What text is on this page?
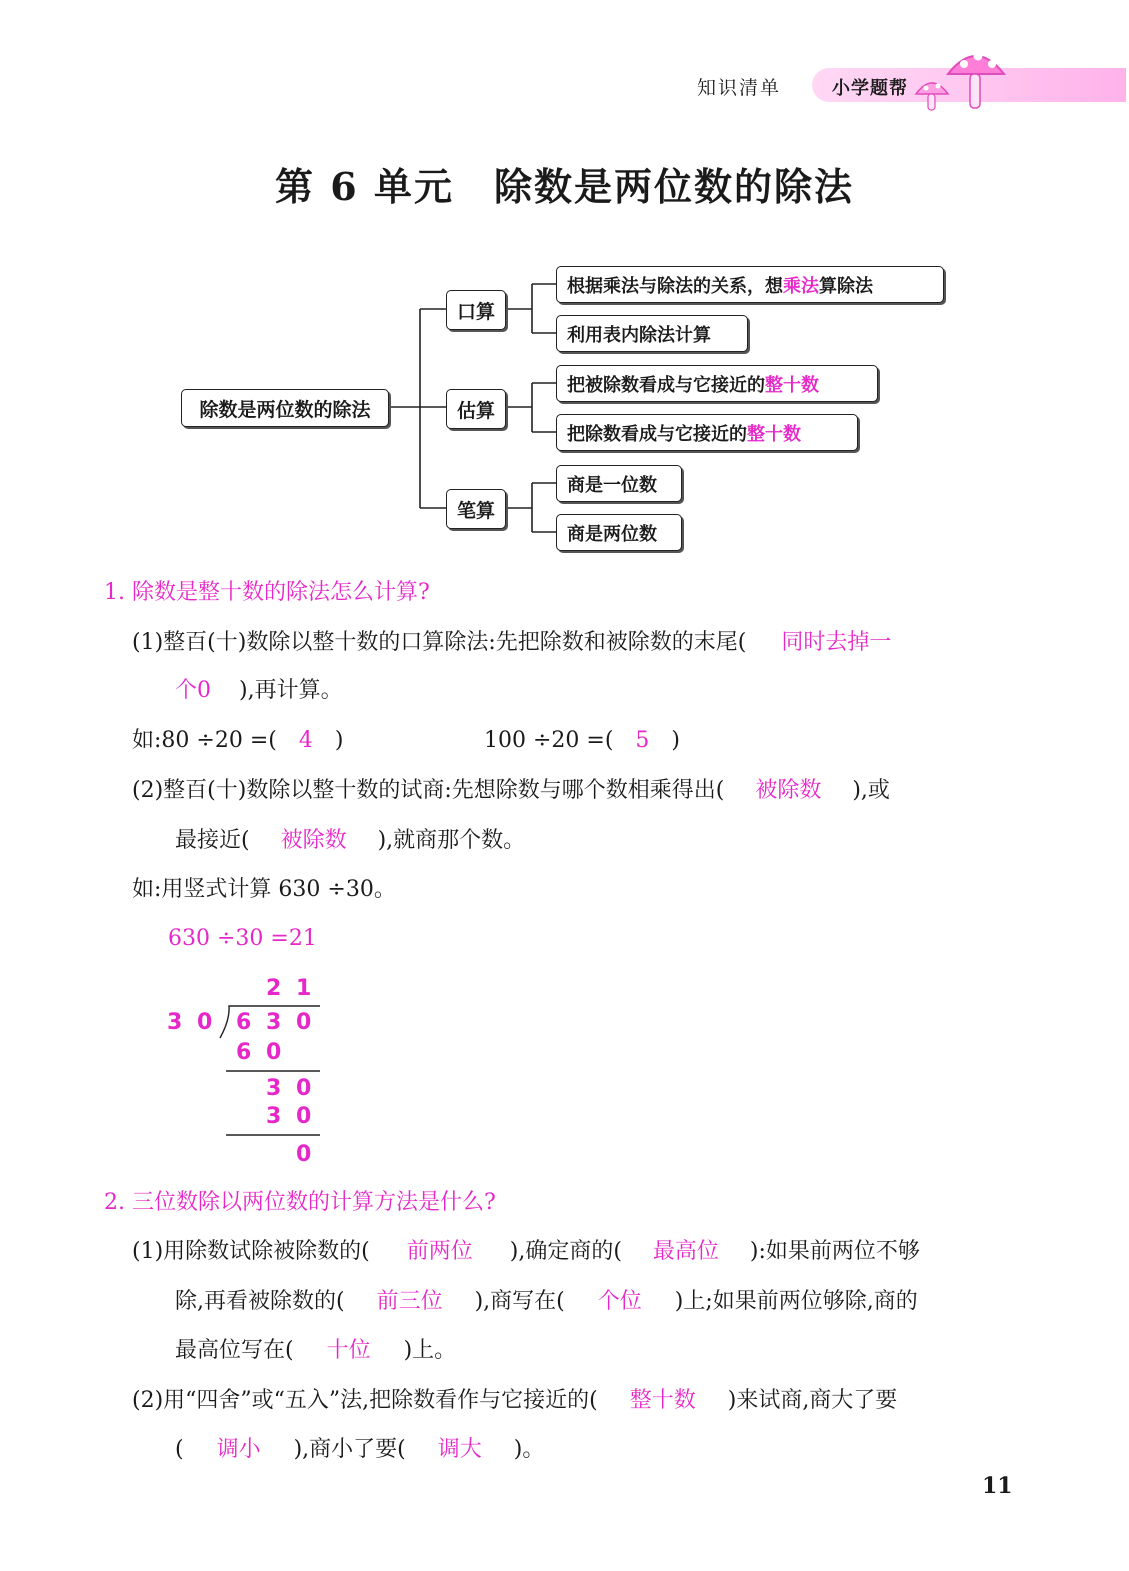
知识清单	小学题帮
第 6 单元　除数是两位数的除法
除数是两位数的除法
口算
估算
笔算
根据乘法与除法的关系，想 乘法 算除法
利用表内除法计算
把被除数看成与它接近的 整十数
把除数看成与它接近的 整十数
商是一位数
商是两位数
1. 除数是整十数的除法怎么计算?
(1)整百(十)数除以整十数的口算除法:先把除数和被除数的末尾( 同时去掉一
个0 ),再计算。
如:80 ÷20 =( 4 )	100 ÷20 =( 5 )
(2)整百(十)数除以整十数的试商:先想除数与哪个数相乘得出( 被除数 ),或
最接近( 被除数 ),就商那个数。
如:用竖式计算 630 ÷30。
630 ÷30 =21
2 1
3 0 6 3 0
6 0
3 0
3 0
0
2. 三位数除以两位数的计算方法是什么?
(1)用除数试除被除数的( 前两位 ),确定商的( 最高位 ):如果前两位不够
除,再看被除数的( 前三位 ),商写在( 个位 )上;如果前两位够除,商的
最高位写在( 十位 )上。
(2)用“四舍”或“五入”法,把除数看作与它接近的( 整十数 )来试商,商大了要
( 调小 ),商小了要( 调大 )。
11
